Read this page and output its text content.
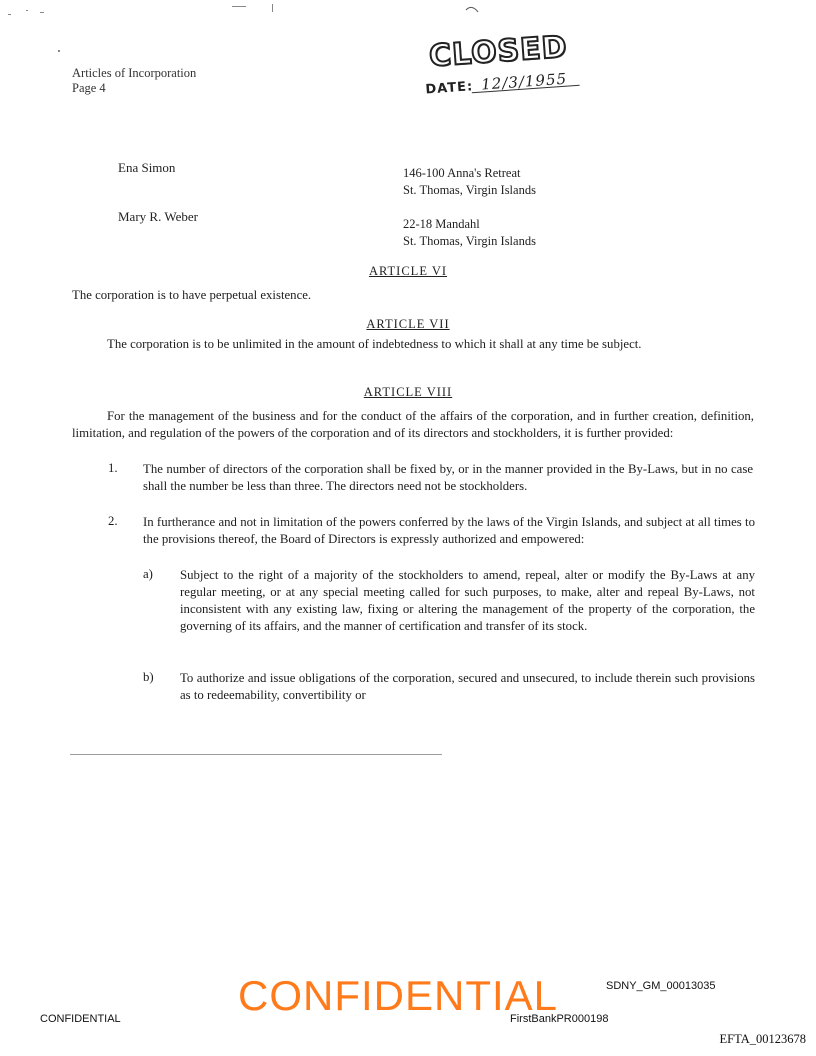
Articles of Incorporation
Page 4
CLOSED
DATE: 12/3/1955
Ena Simon	146-100 Anna's Retreat
St. Thomas, Virgin Islands
Mary R. Weber	22-18 Mandahl
St. Thomas, Virgin Islands
ARTICLE VI
The corporation is to have perpetual existence.
ARTICLE VII
The corporation is to be unlimited in the amount of indebtedness to which it shall at any time be subject.
ARTICLE VIII
For the management of the business and for the conduct of the affairs of the corporation, and in further creation, definition, limitation, and regulation of the powers of the corporation and of its directors and stockholders, it is further provided:
1. The number of directors of the corporation shall be fixed by, or in the manner provided in the By-Laws, but in no case shall the number be less than three. The directors need not be stockholders.
2. In furtherance and not in limitation of the powers conferred by the laws of the Virgin Islands, and subject at all times to the provisions thereof, the Board of Directors is expressly authorized and empowered:
a) Subject to the right of a majority of the stockholders to amend, repeal, alter or modify the By-Laws at any regular meeting, or at any special meeting called for such purposes, to make, alter and repeal By-Laws, not inconsistent with any existing law, fixing or altering the management of the property of the corporation, the governing of its affairs, and the manner of certification and transfer of its stock.
b) To authorize and issue obligations of the corporation, secured and unsecured, to include therein such provisions as to redeemability, convertibility or
CONFIDENTIAL
CONFIDENTIAL
SDNY_GM_00013035
FirstBankPR000198
EFTA_00123678
